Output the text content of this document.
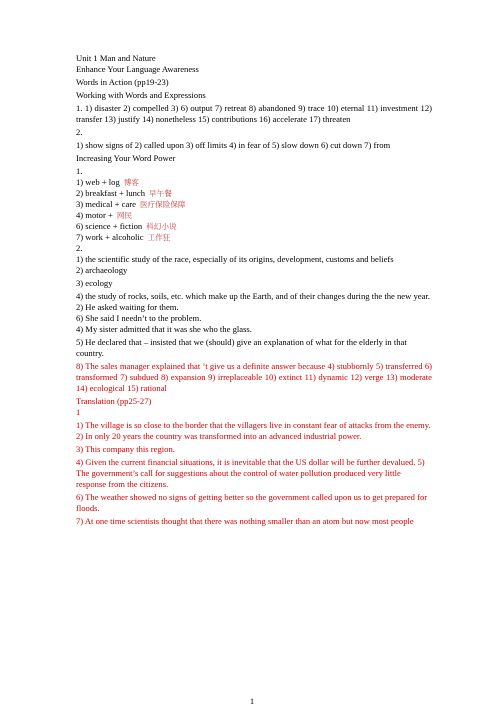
Unit 1 Man and Nature
Enhance Your Language Awareness
Words in Action (pp19-23)
Working with Words and Expressions
1. 1) disaster 2) compelled 3) 6) output 7) retreat 8) abandoned 9) trace 10) eternal 11) investment 12) transfer 13) justify 14) nonetheless 15) contributions 16) accelerate 17) threaten
2.
1) show signs of 2) called upon 3) off limits 4) in fear of 5) slow down 6) cut down 7) from
Increasing Your Word Power
1.
1) web + log 博客
2) breakfast + lunch 早午餐
3) medical + care 医疗保险保障
4) motor + 网民
6) science + fiction 科幻小说
7) work + alcoholic 工作狂
2.
1) the scientific study of the race, especially of its origins, development, customs and beliefs
2) archaeology
3) ecology
4) the study of rocks, soils, etc. which make up the Earth, and of their changes during the the new year.
2) He asked waiting for them.
6) She said I needn’t to the problem.
4) My sister admitted that it was she who the glass.
5) He declared that – insisted that we (should) give an explanation of what for the elderly in that country.
8) The sales manager explained that ’t give us a definite answer because 4) stubbornly 5) transferred 6) transformed 7) subdued 8) expansion 9) irreplaceable 10) extinct 11) dynamic 12) verge 13) moderate 14) ecological 15) rational
Translation (pp25-27)
1
1) The village is so close to the border that the villagers live in constant fear of attacks from the enemy.
2) In only 20 years the country was transformed into an advanced industrial power.
3) This company this region.
4) Given the current financial situations, it is inevitable that the US dollar will be further devalued. 5) The government’s call for suggestions about the control of water pollution produced very little response from the citizens.
6) The weather showed no signs of getting better so the government called upon us to get prepared for floods.
7) At one time scientists thought that there was nothing smaller than an atom but now most people
1
